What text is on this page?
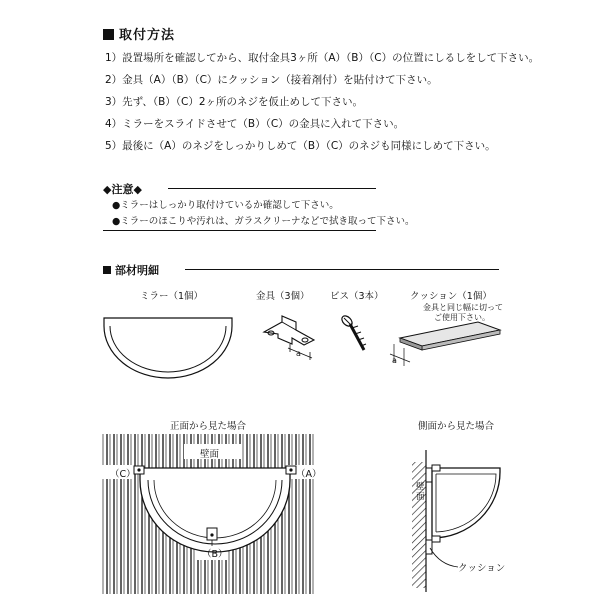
取付方法
1）設置場所を確認してから、取付金具3ヶ所（A）（B）（C）の位置にしるしをして下さい。
2）金具（A）（B）（C）にクッション（接着剤付）を貼付けて下さい。
3）先ず、（B）（C）2ヶ所のネジを仮止めして下さい。
4）ミラーをスライドさせて（B）（C）の金具に入れて下さい。
5）最後に（A）のネジをしっかりしめて（B）（C）のネジも同様にしめて下さい。
◆注意◆
●ミラーはしっかり取付けているか確認して下さい。
●ミラーのほこりや汚れは、ガラスクリーナなどで拭き取って下さい。
部材明細
ミラー（1個）	金具（3個） ビス（3本）	クッション（1個）
金具と同じ幅に切って
ご使用下さい。
a
a
正面から見た場合
壁面
（C）	（A）
（B）
側面から見た場合
壁面
クッション
